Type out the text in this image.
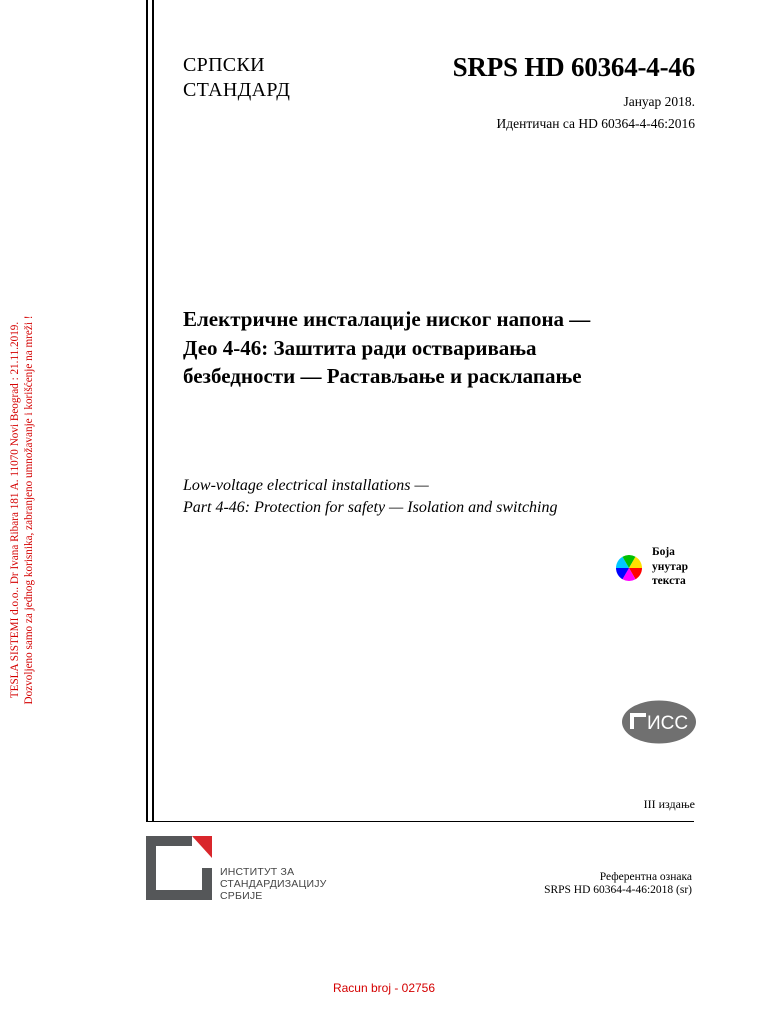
TESLA SISTEMI d.o.o.. Dr Ivana Ribara 181 A. 11070 Novi Beograd : 21.11.2019. Dozvoljeno samo za jednog korisnika, zabranjeno umnožavanje i korišćenje na mreži !
СРПСКИ
СТАНДАРД
SRPS HD 60364-4-46
Јануар 2018.
Идентичан са HD 60364-4-46:2016
Електричне инсталације ниског напона —
Део 4-46: Заштита ради остваривања
безбедности — Растављање и расклапање
Low-voltage electrical installations —
Part 4-46: Protection for safety — Isolation and switching
Боја
унутар
текста
ИСС
III издање
ИНСТИТУТ ЗА
СТАНДАРДИЗАЦИЈУ
СРБИЈЕ
Референтна ознака
SRPS HD 60364-4-46:2018 (sr)
Racun broj - 02756
